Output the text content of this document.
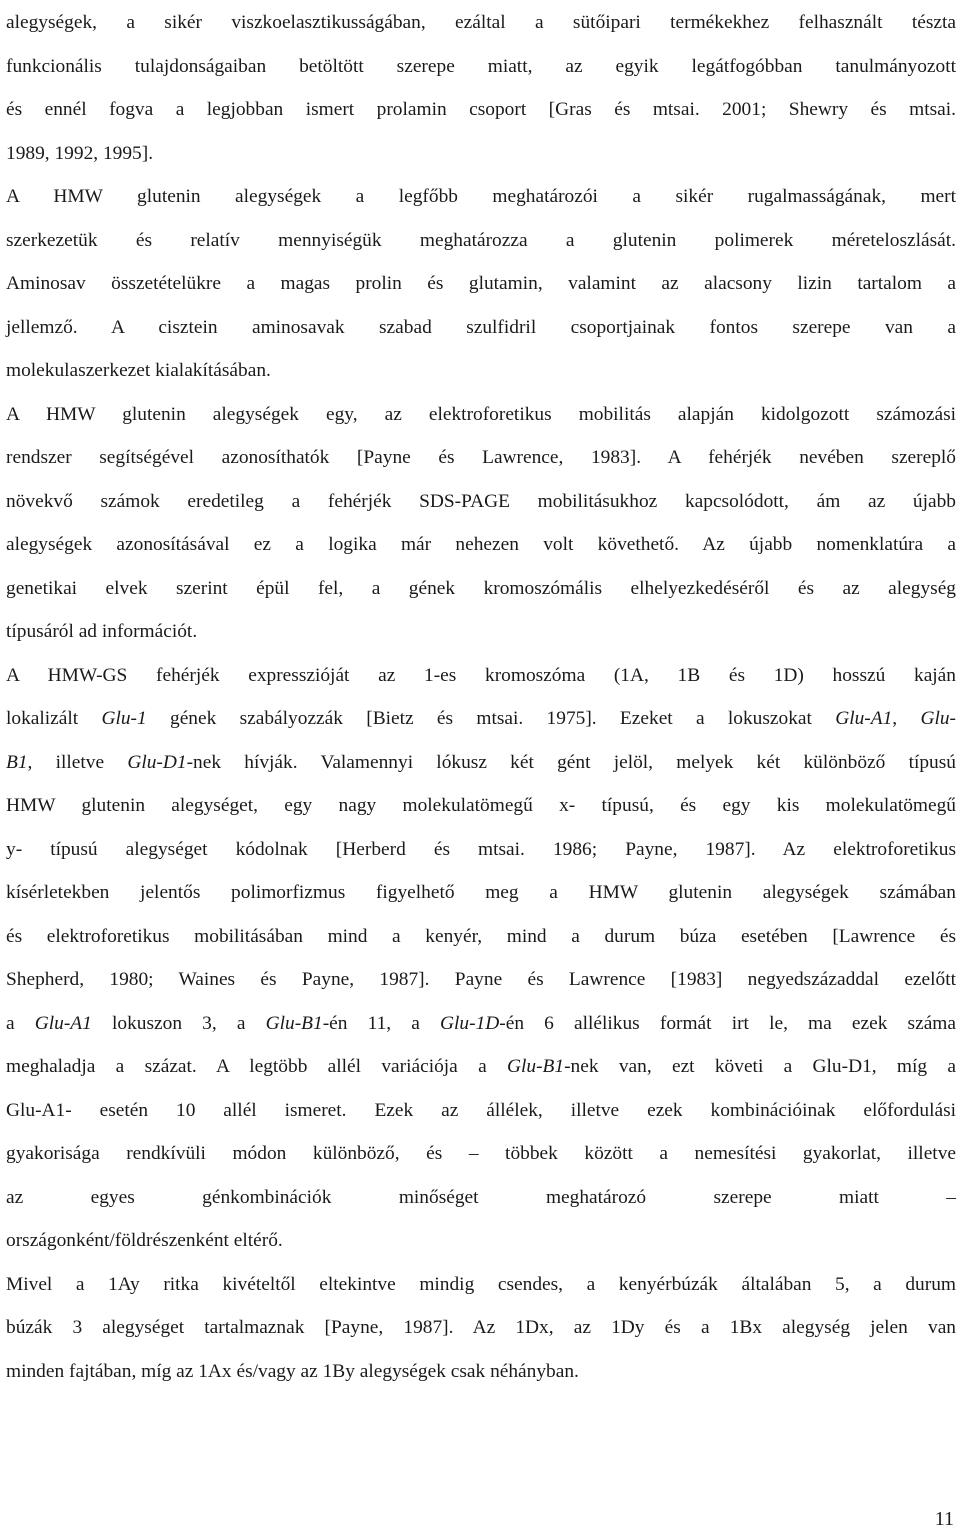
alegységek, a sikér viszkoelasztikusságában, ezáltal a sütőipari termékekhez felhasznált tészta
funkcionális tulajdonságaiban betöltött szerepe miatt, az egyik legátfogóbban tanulmányozott
és ennél fogva a legjobban ismert prolamin csoport [Gras és mtsai. 2001; Shewry és mtsai.
1989, 1992, 1995].

A HMW glutenin alegységek a legfőbb meghatározói a sikér rugalmasságának, mert
szerkezetük és relatív mennyiségük meghatározza a glutenin polimerek méreteloszlását.
Aminosav összetételükre a magas prolin és glutamin, valamint az alacsony lizin tartalom a
jellemző. A cisztein aminosavak szabad szulfidril csoportjainak fontos szerepe van a
molekulaszerkezet kialakításában.

A HMW glutenin alegységek egy, az elektroforetikus mobilitás alapján kidolgozott számozási
rendszer segítségével azonosíthatók [Payne és Lawrence, 1983]. A fehérjék nevében szereplő
növekvő számok eredetileg a fehérjék SDS-PAGE mobilitásukhoz kapcsolódott, ám az újabb
alegységek azonosításával ez a logika már nehezen volt követhető. Az újabb nomenklatúra a
genetikai elvek szerint épül fel, a gének kromoszómális elhelyezkedéséről és az alegység
típusáról ad információt.

A HMW-GS fehérjék expresszióját az 1-es kromoszóma (1A, 1B és 1D) hosszú kaján
lokalizált Glu-1 gének szabályozzák [Bietz és mtsai. 1975]. Ezeket a lokuszokat Glu-A1, Glu-
B1, illetve Glu-D1-nek hívják. Valamennyi lókusz két gént jelöl, melyek két különböző típusú
HMW glutenin alegységet, egy nagy molekulatömegű x- típusú, és egy kis molekulatömegű
y- típusú alegységet kódolnak [Herberd és mtsai. 1986; Payne, 1987]. Az elektroforetikus
kísérletekben jelentős polimorfizmus figyelhető meg a HMW glutenin alegységek számában
és elektroforetikus mobilitásában mind a kenyér, mind a durum búza esetében [Lawrence és
Shepherd, 1980; Waines és Payne, 1987]. Payne és Lawrence [1983] negyedszázaddal ezelőtt
a Glu-A1 lokuszon 3, a Glu-B1-én 11, a Glu-1D-én 6 allélikus formát irt le, ma ezek száma
meghaladja a százat. A legtöbb allél variációja a Glu-B1-nek van, ezt követi a Glu-D1, míg a
Glu-A1- esetén 10 allél ismeret. Ezek az állélek, illetve ezek kombinációinak előfordulási
gyakorisága rendkívüli módon különböző, és – többek között a nemesítési gyakorlat, illetve
az egyes génkombinációk minőséget meghatározó szerepe miatt –
országonként/földrészenként eltérő.

Mivel a 1Ay ritka kivételtől eltekintve mindig csendes, a kenyérbúzák általában 5, a durum
búzák 3 alegységet tartalmaznak [Payne, 1987]. Az 1Dx, az 1Dy és a 1Bx alegység jelen van
minden fajtában, míg az 1Ax és/vagy az 1By alegységek csak néhányban.

11
